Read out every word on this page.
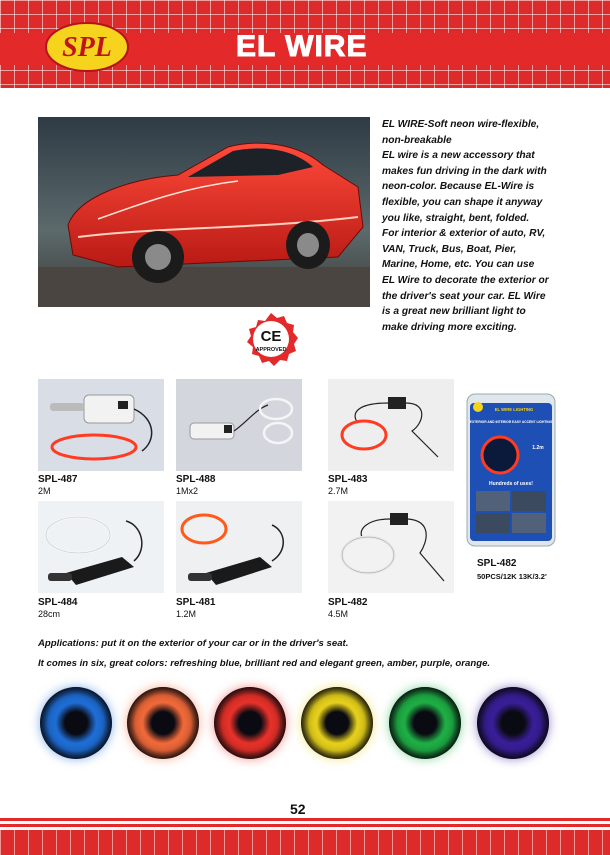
SPL	EL WIRE

EL WIRE-Soft neon wire-flexible,

non-breakable

EL wire is a new accessory that

makes fun driving in the dark with

neon-color. Because EL-Wire is

flexible, you can shape it anyway

you like, straight, bent, folded.

For interior & exterior of auto, RV,

VAN, Truck, Bus, Boat, Pier,

Marine, Home, etc. You can use

EL Wire to decorate the exterior or

the driver's seat your car. EL Wire

is a great new brilliant light to

make driving more exciting.

CE
APPROVED
SPL-487
2M
SPL-488
1Mx2
SPL-483
2.7M
SPL-484
28cm
SPL-481
1.2M
SPL-482
4.5M
EL WIRE LIGHTING
EXTERIOR AND INTERIOR EASY ACCENT LIGHTING
1.2m
Hundreds of uses!
SPL-482
50PCS/12K 13K/3.2'
Applications: put it on the exterior of your car or in the driver's seat.
It comes in six, great colors: refreshing blue, brilliant red and elegant green, amber, purple, orange.
52
